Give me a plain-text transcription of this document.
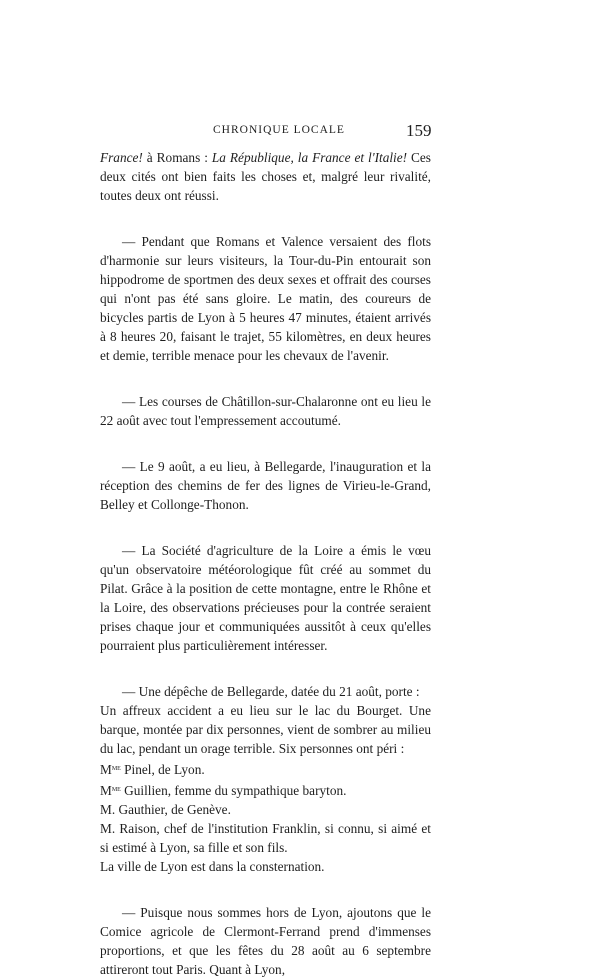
CHRONIQUE LOCALE	159

France! à Romans : La République, la France et l'Italie! Ces deux cités ont bien faits les choses et, malgré leur rivalité, toutes deux ont réussi.

— Pendant que Romans et Valence versaient des flots d'harmonie sur leurs visiteurs, la Tour-du-Pin entourait son hippodrome de sportmen des deux sexes et offrait des courses qui n'ont pas été sans gloire. Le matin, des coureurs de bicycles partis de Lyon à 5 heures 47 minutes, étaient arrivés à 8 heures 20, faisant le trajet, 55 kilomètres, en deux heures et demie, terrible menace pour les chevaux de l'avenir.

— Les courses de Châtillon-sur-Chalaronne ont eu lieu le 22 août avec tout l'empressement accoutumé.

— Le 9 août, a eu lieu, à Bellegarde, l'inauguration et la réception des chemins de fer des lignes de Virieu-le-Grand, Belley et Collonge-Thonon.

— La Société d'agriculture de la Loire a émis le vœu qu'un observatoire météorologique fût créé au sommet du Pilat. Grâce à la position de cette montagne, entre le Rhône et la Loire, des observations précieuses pour la contrée seraient prises chaque jour et communiquées aussitôt à ceux qu'elles pourraient plus particulièrement intéresser.

— Une dépêche de Bellegarde, datée du 21 août, porte :

Un affreux accident a eu lieu sur le lac du Bourget. Une barque, montée par dix personnes, vient de sombrer au milieu du lac, pendant un orage terrible. Six personnes ont péri :

$M^{me}$ Pinel, de Lyon.

$M^{me}$ Guillien, femme du sympathique baryton.

M. Gauthier, de Genève.

M. Raison, chef de l'institution Franklin, si connu, si aimé et si estimé à Lyon, sa fille et son fils.

La ville de Lyon est dans la consternation.

— Puisque nous sommes hors de Lyon, ajoutons que le Comice agricole de Clermont-Ferrand prend d'immenses proportions, et que les fêtes du 28 août au 6 septembre attireront tout Paris. Quant à Lyon,
